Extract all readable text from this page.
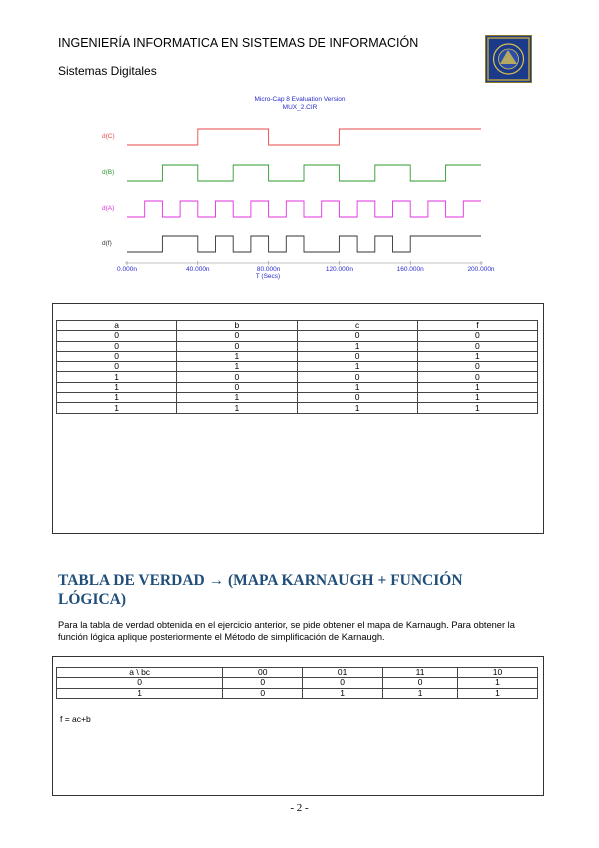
INGENIERÍA INFORMATICA EN SISTEMAS DE INFORMACIÓN
Sistemas Digitales
Micro-Cap 8 Evaluation Version
MUX_2.CIR
d(C)
d(B)
d(A)
d(f)
0.000n	40.000n	80.000n	120.000n	160.000n	200.000n
T (Secs)
a	b	c	f
0	0	0	0
0	0	1	0
0	1	0	1
0	1	1	0
1	0	0	0
1	0	1	1
1	1	0	1
1	1	1	1
TABLA DE VERDAD → (MAPA KARNAUGH + FUNCIÓN LÓGICA)
Para la tabla de verdad obtenida en el ejercicio anterior, se pide obtener el mapa de Karnaugh. Para obtener la función lógica aplique posteriormente el Método de simplificación de Karnaugh.
a \ bc	00	01	11	10
0	0	0	0	1
1	0	1	1	1
f = ac+b
- 2 -
